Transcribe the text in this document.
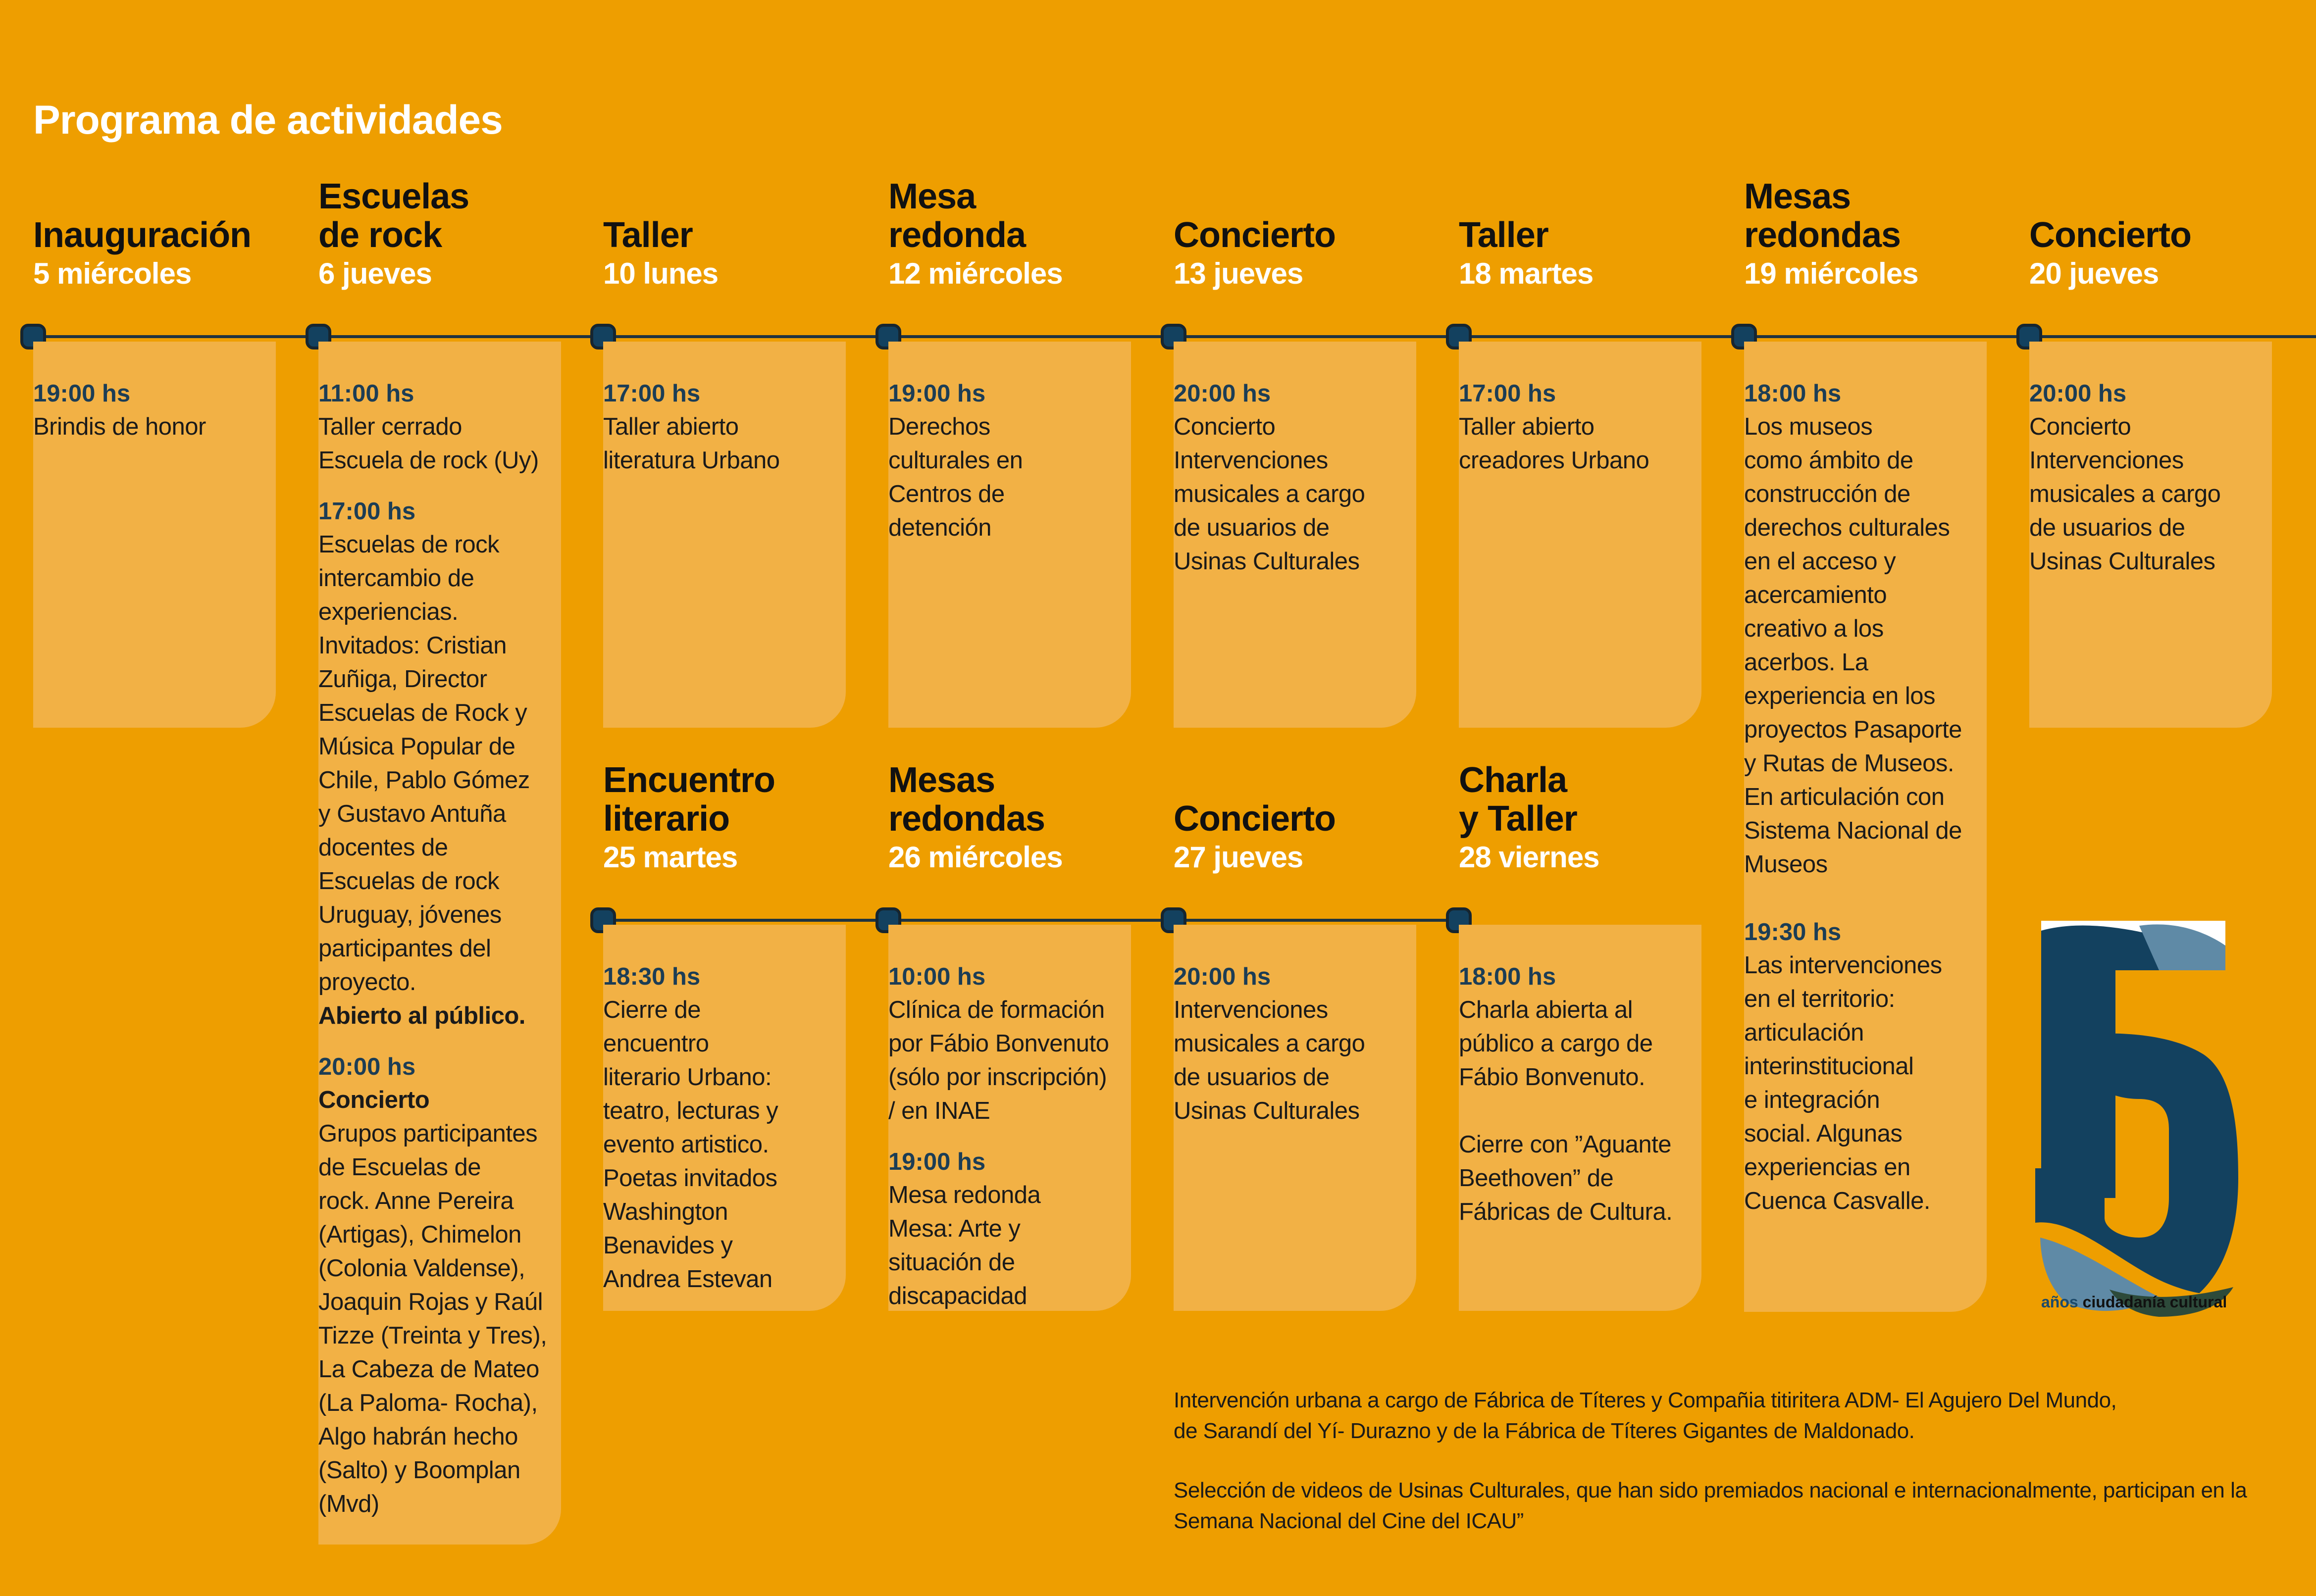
Programa de actividades
Inauguración
5 miércoles
Escuelas
de rock
6 jueves
Taller
10 lunes
Mesa
redonda
12 miércoles
Concierto
13 jueves
Taller
18 martes
Mesas
redondas
19 miércoles
Concierto
20 jueves
Encuentro
literario
25 martes
Mesas
redondas
26 miércoles
Concierto
27 jueves
Charla
y Taller
28 viernes
19:00 hs
Brindis de honor
11:00 hs
Taller cerrado
Escuela de rock (Uy)
17:00 hs
Escuelas de rock
intercambio de
experiencias.
Invitados: Cristian
Zuñiga, Director
Escuelas de Rock y
Música Popular de
Chile, Pablo Gómez
y Gustavo Antuña
docentes de
Escuelas de rock
Uruguay, jóvenes
participantes del
proyecto.
Abierto al público.
20:00 hs
Concierto
Grupos participantes
de Escuelas de
rock. Anne Pereira
(Artigas), Chimelon
(Colonia Valdense),
Joaquin Rojas y Raúl
Tizze (Treinta y Tres),
La Cabeza de Mateo
(La Paloma- Rocha),
Algo habrán hecho
(Salto) y Boomplan
(Mvd)
17:00 hs
Taller abierto
literatura Urbano
19:00 hs
Derechos
culturales en
Centros de
detención
20:00 hs
Concierto
Intervenciones
musicales a cargo
de usuarios de
Usinas Culturales
17:00 hs
Taller abierto
creadores Urbano
18:00 hs
Los museos
como ámbito de
construcción de
derechos culturales
en el acceso y
acercamiento
creativo a los
acerbos. La
experiencia en los
proyectos Pasaporte
y Rutas de Museos.
En articulación con
Sistema Nacional de
Museos
19:30 hs
Las intervenciones
en el territorio:
articulación
interinstitucional
e integración
social. Algunas
experiencias en
Cuenca Casvalle.
20:00 hs
Concierto
Intervenciones
musicales a cargo
de usuarios de
Usinas Culturales
18:30 hs
Cierre de
encuentro
literario Urbano:
teatro, lecturas y
evento artistico.
Poetas invitados
Washington
Benavides y
Andrea Estevan
10:00 hs
Clínica de formación
por Fábio Bonvenuto
(sólo por inscripción)
/ en INAE
19:00 hs
Mesa redonda
Mesa: Arte y
situación de
discapacidad
20:00 hs
Intervenciones
musicales a cargo
de usuarios de
Usinas Culturales
18:00 hs
Charla abierta al
público a cargo de
Fábio Bonvenuto.

Cierre con ”Aguante
Beethoven” de
Fábricas de Cultura.
años ciudadanía cultural
Intervención urbana a cargo de Fábrica de Títeres y Compañia titiritera ADM- El Agujero Del Mundo,
de Sarandí del Yí- Durazno y de la Fábrica de Títeres Gigantes de Maldonado.
Selección de videos de Usinas Culturales, que han sido premiados nacional e internacionalmente, participan en la
Semana Nacional del Cine del ICAU”
